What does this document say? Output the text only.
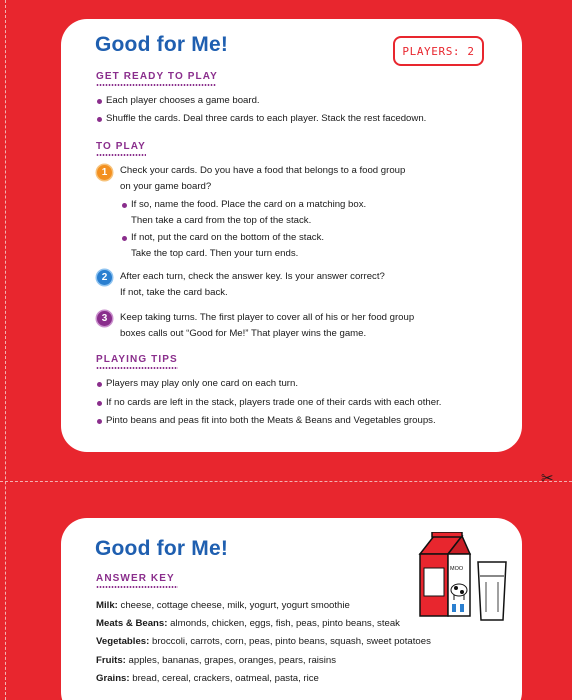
✂
Good for Me!	PLAYERS: 2
GET READY TO PLAY
Each player chooses a game board.
Shuffle the cards. Deal three cards to each player. Stack the rest facedown.
TO PLAY
1	Check your cards. Do you have a food that belongs to a food group
on your game board?
If so, name the food. Place the card on a matching box.
Then take a card from the top of the stack.
If not, put the card on the bottom of the stack.
Take the top card. Then your turn ends.
2	After each turn, check the answer key. Is your answer correct?
If not, take the card back.
3	Keep taking turns. The first player to cover all of his or her food group
boxes calls out “Good for Me!” That player wins the game.
PLAYING TIPS
Players may play only one card on each turn.
If no cards are left in the stack, players trade one of their cards with each other.
Pinto beans and peas fit into both the Meats & Beans and Vegetables groups.
Good for Me!
ANSWER KEY
Milk: cheese, cottage cheese, milk, yogurt, yogurt smoothie
Meats & Beans: almonds, chicken, eggs, fish, peas, pinto beans, steak
Vegetables: broccoli, carrots, corn, peas, pinto beans, squash, sweet potatoes
Fruits: apples, bananas, grapes, oranges, pears, raisins
Grains: bread, cereal, crackers, oatmeal, pasta, rice
MOO
